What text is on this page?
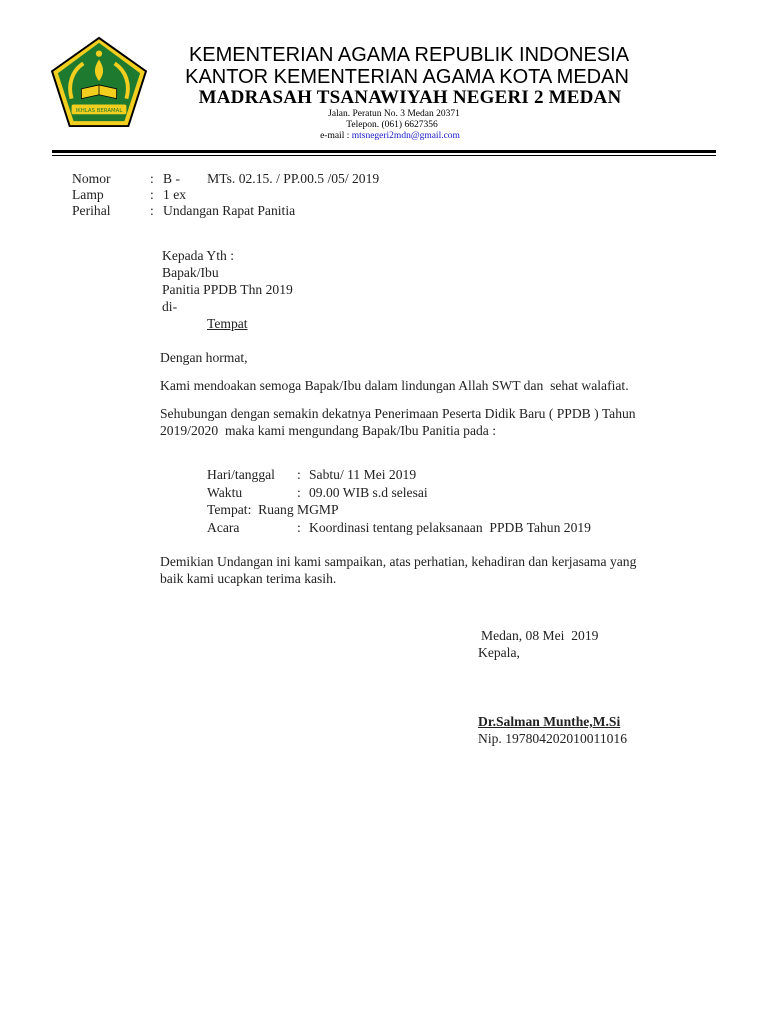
IKHLAS BERAMAL
KEMENTERIAN AGAMA REPUBLIK INDONESIA
KANTOR KEMENTERIAN AGAMA KOTA MEDAN
MADRASAH TSANAWIYAH NEGERI 2 MEDAN
Jalan. Peratun No. 3 Medan 20371
Telepon. (061) 6627356
e-mail : mtsnegeri2mdn@gmail.com
Nomor	: B -        MTs. 02.15. / PP.00.5 /05/ 2019
Lamp	: 1 ex
Perihal	: Undangan Rapat Panitia
Kepada Yth :
Bapak/Ibu
Panitia PPDB Thn 2019
di-
Tempat
Dengan hormat,
Kami mendoakan semoga Bapak/Ibu dalam lindungan Allah SWT dan  sehat walafiat.
Sehubungan dengan semakin dekatnya Penerimaan Peserta Didik Baru ( PPDB ) Tahun
2019/2020  maka kami mengundang Bapak/Ibu Panitia pada :
Hari/tanggal : Sabtu/ 11 Mei 2019
Waktu	: 09.00 WIB s.d selesai
Tempat:  Ruang MGMP
Acara	: Koordinasi tentang pelaksanaan  PPDB Tahun 2019
Demikian Undangan ini kami sampaikan, atas perhatian, kehadiran dan kerjasama yang
baik kami ucapkan terima kasih.
Medan, 08 Mei  2019
Kepala,
Dr.Salman Munthe,M.Si
Nip. 197804202010011016
